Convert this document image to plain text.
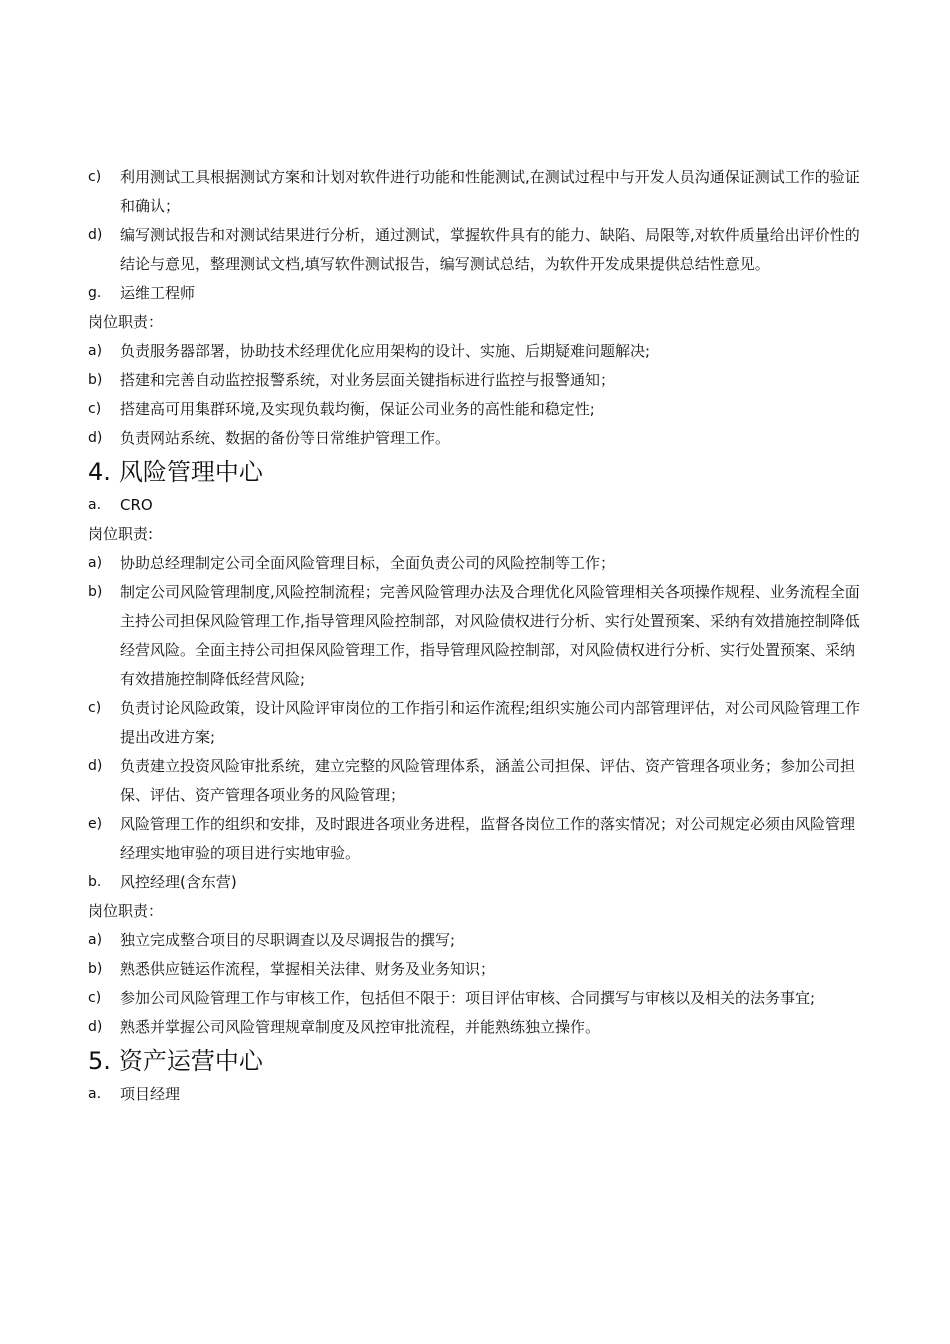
c) 利用测试工具根据测试方案和计划对软件进行功能和性能测试,在测试过程中与开发人员沟通保证测试工作的验证和确认；
d) 编写测试报告和对测试结果进行分析，通过测试，掌握软件具有的能力、缺陷、局限等,对软件质量给出评价性的结论与意见，整理测试文档,填写软件测试报告，编写测试总结，为软件开发成果提供总结性意见。
g. 运维工程师
岗位职责：
a) 负责服务器部署，协助技术经理优化应用架构的设计、实施、后期疑难问题解决;
b) 搭建和完善自动监控报警系统，对业务层面关键指标进行监控与报警通知；
c) 搭建高可用集群环境,及实现负载均衡，保证公司业务的高性能和稳定性;
d) 负责网站系统、数据的备份等日常维护管理工作。
4. 风险管理中心
a. CRO
岗位职责:
a) 协助总经理制定公司全面风险管理目标，全面负责公司的风险控制等工作；
b) 制定公司风险管理制度,风险控制流程；完善风险管理办法及合理优化风险管理相关各项操作规程、业务流程全面主持公司担保风险管理工作,指导管理风险控制部，对风险债权进行分析、实行处置预案、采纳有效措施控制降低经营风险。全面主持公司担保风险管理工作，指导管理风险控制部，对风险债权进行分析、实行处置预案、采纳有效措施控制降低经营风险;
c) 负责讨论风险政策，设计风险评审岗位的工作指引和运作流程;组织实施公司内部管理评估，对公司风险管理工作提出改进方案;
d) 负责建立投资风险审批系统，建立完整的风险管理体系，涵盖公司担保、评估、资产管理各项业务；参加公司担保、评估、资产管理各项业务的风险管理；
e) 风险管理工作的组织和安排，及时跟进各项业务进程，监督各岗位工作的落实情况；对公司规定必须由风险管理经理实地审验的项目进行实地审验。
b. 风控经理(含东营)
岗位职责：
a) 独立完成整合项目的尽职调查以及尽调报告的撰写;
b) 熟悉供应链运作流程，掌握相关法律、财务及业务知识；
c) 参加公司风险管理工作与审核工作，包括但不限于：项目评估审核、合同撰写与审核以及相关的法务事宜;
d) 熟悉并掌握公司风险管理规章制度及风控审批流程，并能熟练独立操作。
5. 资产运营中心
a. 项目经理
